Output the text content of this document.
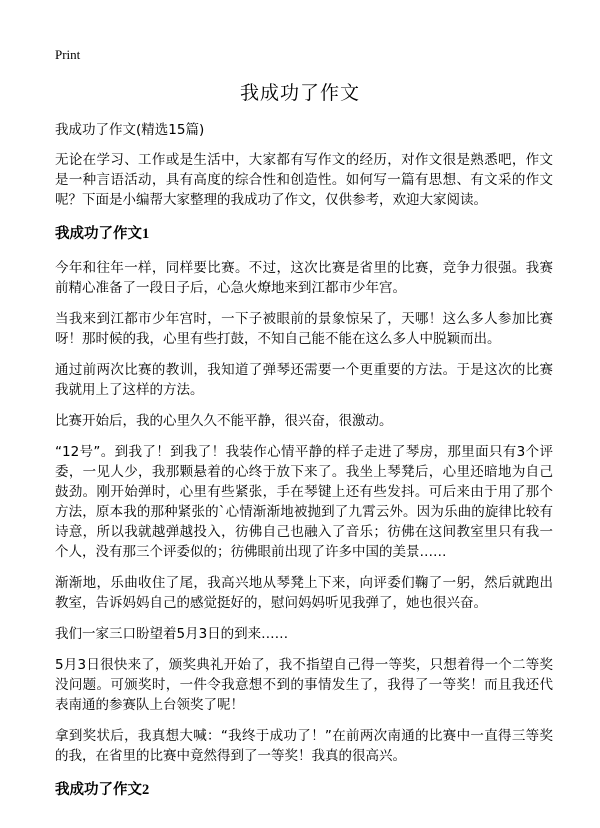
Print
我成功了作文

我成功了作文(精选15篇)

无论在学习、工作或是生活中，大家都有写作文的经历，对作文很是熟悉吧，作文是一种言语活动，具有高度的综合性和创造性。如何写一篇有思想、有文采的作文呢？下面是小编帮大家整理的我成功了作文，仅供参考，欢迎大家阅读。

我成功了作文1

今年和往年一样，同样要比赛。不过，这次比赛是省里的比赛，竞争力很强。我赛前精心准备了一段日子后，心急火燎地来到江都市少年宫。

当我来到江都市少年宫时，一下子被眼前的景象惊呆了，天哪！这么多人参加比赛呀！那时候的我，心里有些打鼓，不知自己能不能在这么多人中脱颖而出。

通过前两次比赛的教训，我知道了弹琴还需要一个更重要的方法。于是这次的比赛我就用上了这样的方法。

比赛开始后，我的心里久久不能平静，很兴奋，很激动。

“12号”。到我了！到我了！我装作心情平静的样子走进了琴房，那里面只有3个评委，一见人少，我那颗悬着的心终于放下来了。我坐上琴凳后，心里还暗地为自己鼓劲。刚开始弹时，心里有些紧张，手在琴键上还有些发抖。可后来由于用了那个方法，原本我的那种紧张的`心情渐渐地被抛到了九霄云外。因为乐曲的旋律比较有诗意，所以我就越弹越投入，彷佛自己也融入了音乐；彷佛在这间教室里只有我一个人，没有那三个评委似的；彷佛眼前出现了许多中国的美景……

渐渐地，乐曲收住了尾，我高兴地从琴凳上下来，向评委们鞠了一躬，然后就跑出教室，告诉妈妈自己的感觉挺好的，慰问妈妈听见我弹了，她也很兴奋。

我们一家三口盼望着5月3日的到来……

5月3日很快来了，颁奖典礼开始了，我不指望自己得一等奖，只想着得一个二等奖没问题。可颁奖时，一件令我意想不到的事情发生了，我得了一等奖！而且我还代表南通的参赛队上台领奖了呢！

拿到奖状后，我真想大喊：“我终于成功了！”在前两次南通的比赛中一直得三等奖的我，在省里的比赛中竟然得到了一等奖！我真的很高兴。

我成功了作文2
